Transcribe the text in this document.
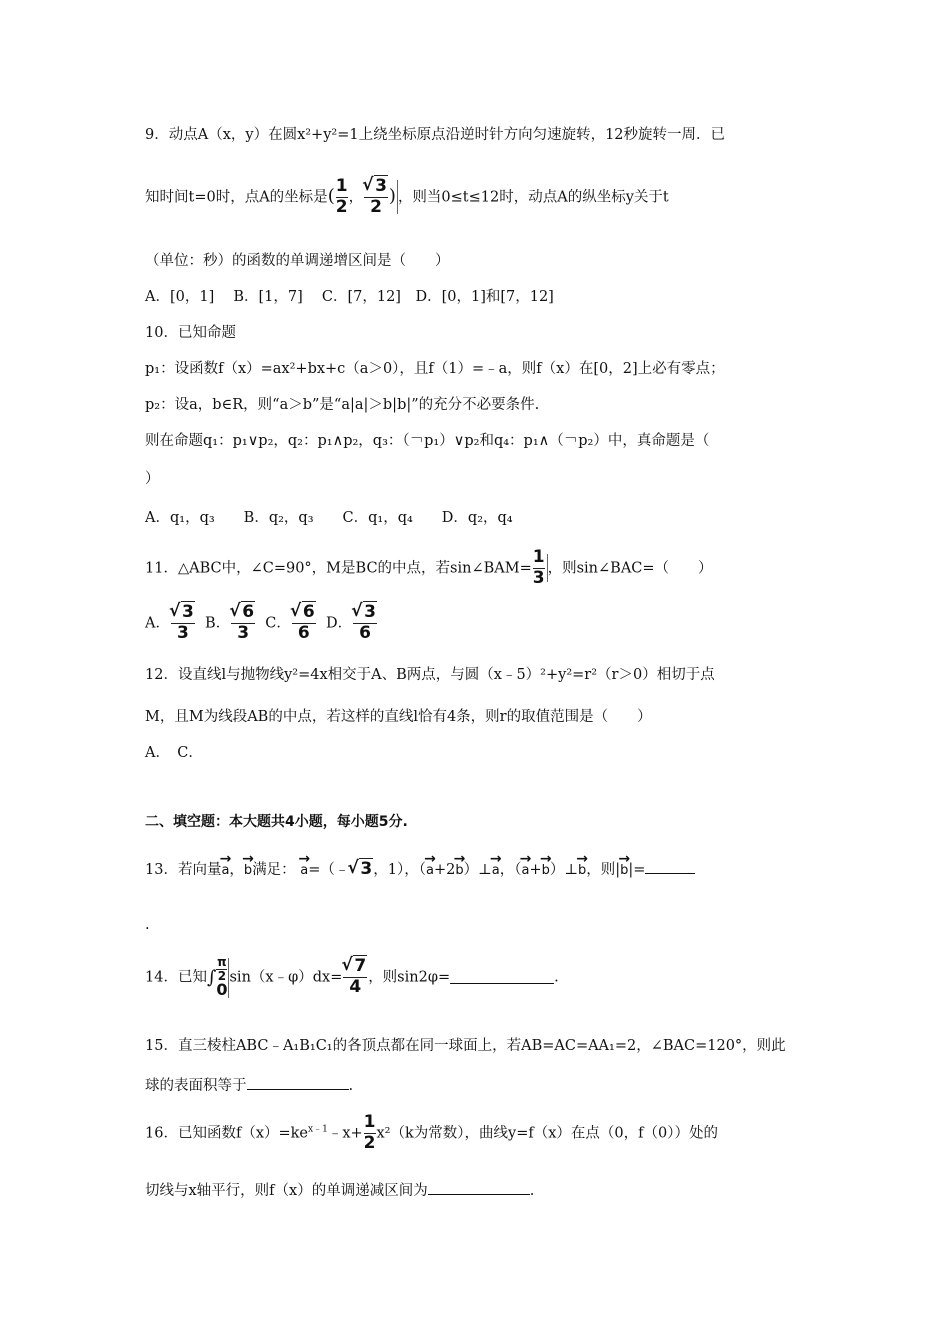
9．动点A（x，y）在圆x²+y²=1上绕坐标原点沿逆时针方向匀速旋转，12秒旋转一周．已
知时间t=0时，点A的坐标是( $\frac{1}{2}$ ， √ $\frac{3}{2}$ ) ，则当0≤t≤12时，动点A的纵坐标y关于t
（单位：秒）的函数的单调递增区间是（　　）
A．[0，1]　 B．[1，7]　 C．[7，12]　D．[0，1]和[7，12]
10．已知命题
p₁：设函数f（x）=ax²+bx+c（a＞0），且f（1）=﹣a，则f（x）在[0，2]上必有零点；
p₂：设a，b∈R，则“a＞b”是“a|a|＞b|b|”的充分不必要条件.
则在命题q₁：p₁∨p₂，q₂：p₁∧p₂，q₃：（￢p₁）∨p₂和q₄：p₁∧（￢p₂）中，真命题是（
）
A．q₁，q₃　　B．q₂，q₃　　C．q₁，q₄　　D．q₂，q₄
11．△ABC中，∠C=90°，M是BC的中点，若sin∠BAM= $\frac{1}{3}$ ，则sin∠BAC=（　　）
A． √ $\frac{3}{3}$ B． √ $\frac{6}{3}$ C． √ $\frac{6}{6}$ D． √ $\frac{3}{6}$
12．设直线l与抛物线y²=4x相交于A、B两点，与圆（x﹣5）²+y²=r²（r＞0）相切于点
M，且M为线段AB的中点，若这样的直线l恰有4条，则r的取值范围是（　　）
A．　C．
二、填空题：本大题共4小题，每小题5分.
13．若向量→ a，→ b满足： → a=（﹣ √ 3，1），（→ a+2→ b）⊥→ a，（→ a+→ b）⊥→ b，则|→ b|=
.
14．已知∫
π
2
0
sin（x﹣φ）dx= √ $\frac{7}{4}$ ，则sin2φ=	.
15．直三棱柱ABC﹣A₁B₁C₁的各顶点都在同一球面上，若AB=AC=AA₁=2，∠BAC=120°，则此
球的表面积等于	.
16．已知函数$f(x)=ke^{x﹣1}﹣x+ \frac{1}{2} x^2(k$为常数），曲线y=f（x）在点（0，f（0））处的
切线与x轴平行，则f（x）的单调递减区间为	.
